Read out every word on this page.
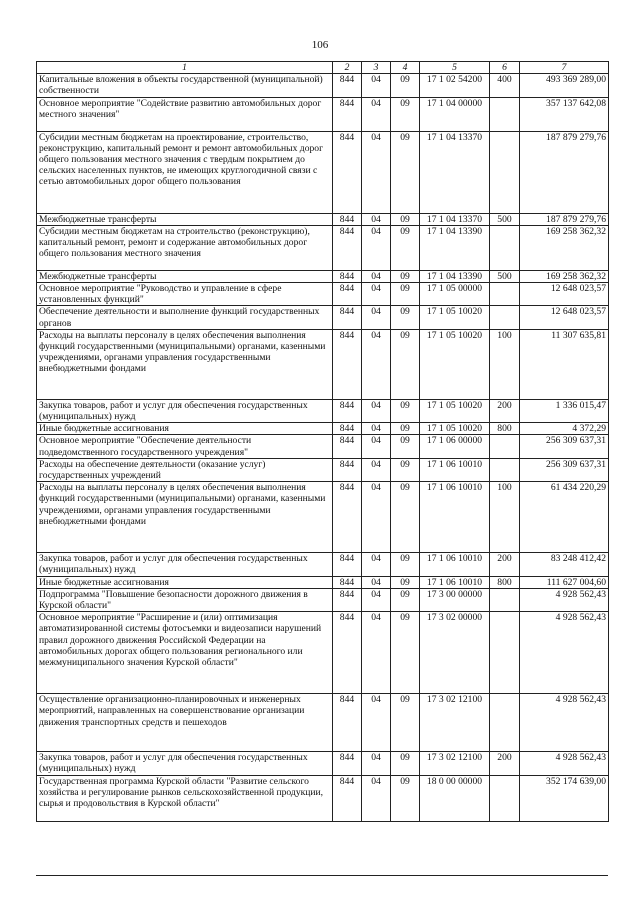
106
1	2	3	4	5	6	7
Капитальные вложения в объекты государственной (муниципальной) собственности	844	04	09	17 1 02 54200	400	493 369 289,00
Основное мероприятие "Содействие развитию автомобильных дорог местного значения"	844	04	09	17 1 04 00000		357 137 642,08
Субсидии местным бюджетам на проектирование, строительство, реконструкцию, капитальный ремонт и ремонт автомобильных дорог общего пользования местного значения с твердым покрытием до сельских населенных пунктов, не имеющих круглогодичной связи с сетью автомобильных дорог общего пользования	844	04	09	17 1 04 13370		187 879 279,76
Межбюджетные трансферты	844	04	09	17 1 04 13370	500	187 879 279,76
Субсидии местным бюджетам на строительство (реконструкцию), капитальный ремонт, ремонт и содержание автомобильных дорог общего пользования местного значения	844	04	09	17 1 04 13390		169 258 362,32
Межбюджетные трансферты	844	04	09	17 1 04 13390	500	169 258 362,32
Основное мероприятие "Руководство и управление в сфере установленных функций"	844	04	09	17 1 05 00000		12 648 023,57
Обеспечение деятельности и выполнение функций государственных органов	844	04	09	17 1 05 10020		12 648 023,57
Расходы на выплаты персоналу в целях обеспечения выполнения функций государственными (муниципальными) органами, казенными учреждениями, органами управления государственными внебюджетными фондами	844	04	09	17 1 05 10020	100	11 307 635,81
Закупка товаров, работ и услуг для обеспечения государственных (муниципальных) нужд	844	04	09	17 1 05 10020	200	1 336 015,47
Иные бюджетные ассигнования	844	04	09	17 1 05 10020	800	4 372,29
Основное мероприятие "Обеспечение деятельности подведомственного государственного учреждения"	844	04	09	17 1 06 00000		256 309 637,31
Расходы на обеспечение деятельности (оказание услуг) государственных учреждений	844	04	09	17 1 06 10010		256 309 637,31
Расходы на выплаты персоналу в целях обеспечения выполнения функций государственными (муниципальными) органами, казенными учреждениями, органами управления государственными внебюджетными фондами	844	04	09	17 1 06 10010	100	61 434 220,29
Закупка товаров, работ и услуг для обеспечения государственных (муниципальных) нужд	844	04	09	17 1 06 10010	200	83 248 412,42
Иные бюджетные ассигнования	844	04	09	17 1 06 10010	800	111 627 004,60
Подпрограмма "Повышение безопасности дорожного движения в Курской области"	844	04	09	17 3 00 00000		4 928 562,43
Основное мероприятие "Расширение и (или) оптимизация автоматизированной системы фотосъемки и видеозаписи нарушений правил дорожного движения Российской Федерации на автомобильных дорогах общего пользования регионального или межмуниципального значения Курской области"	844	04	09	17 3 02 00000		4 928 562,43
Осуществление организационно-планировочных и инженерных мероприятий, направленных на совершенствование организации движения транспортных средств и пешеходов	844	04	09	17 3 02 12100		4 928 562,43
Закупка товаров, работ и услуг для обеспечения государственных (муниципальных) нужд	844	04	09	17 3 02 12100	200	4 928 562,43
Государственная программа Курской области "Развитие сельского хозяйства и регулирование рынков сельскохозяйственной продукции, сырья и продовольствия в Курской области"	844	04	09	18 0 00 00000		352 174 639,00
